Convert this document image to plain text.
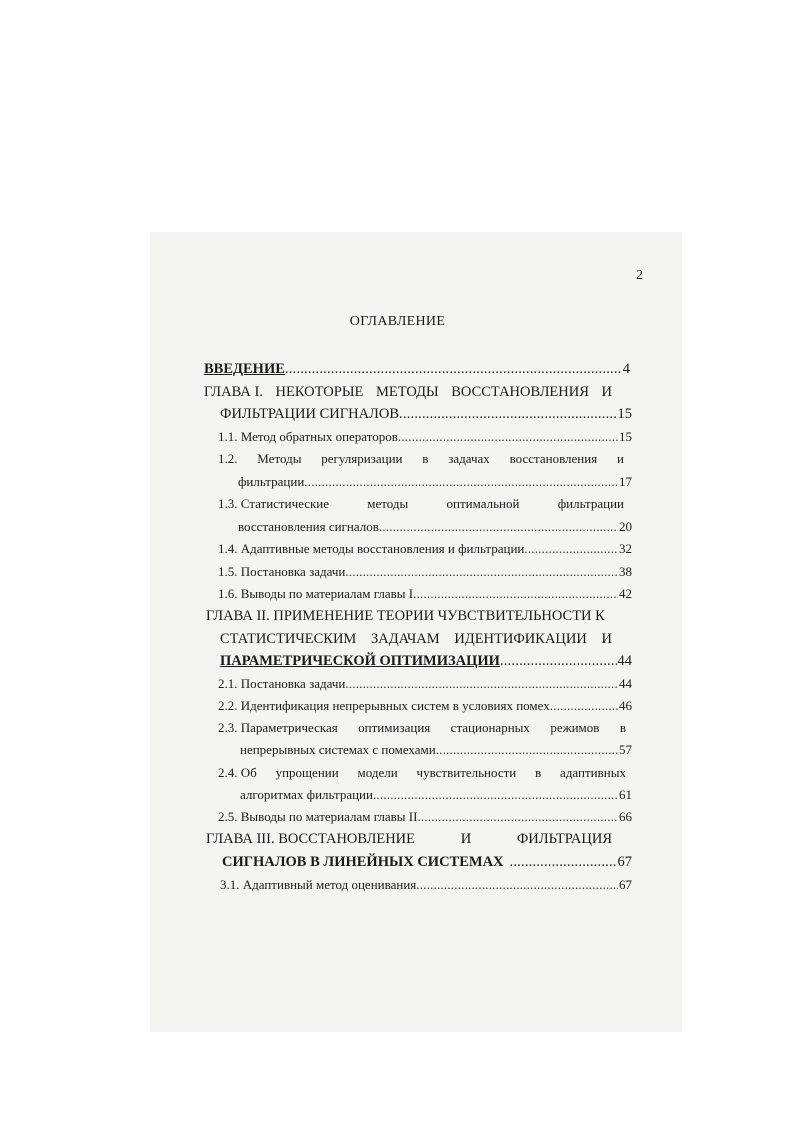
2
ОГЛАВЛЕНИЕ
ВВЕДЕНИЕ .....	4
ГЛАВА I. НЕКОТОРЫЕ МЕТОДЫ ВОССТАНОВЛЕНИЯ И
ФИЛЬТРАЦИИ СИГНАЛОВ .....	15
1.1. Метод обратных операторов .....	15
1.2. Методы регуляризации в задачах восстановления и
фильтрации .....	17
1.3. Статистические	методы	оптимальной	фильтрации
восстановления сигналов .....	20
1.4. Адаптивные методы восстановления и фильтрации .....	32
1.5. Постановка задачи .....	38
1.6. Выводы по материалам главы I .....	42
ГЛАВА II. ПРИМЕНЕНИЕ ТЕОРИИ ЧУВСТВИТЕЛЬНОСТИ К
СТАТИСТИЧЕСКИМ ЗАДАЧАМ ИДЕНТИФИКАЦИИ И
ПАРАМЕТРИЧЕСКОЙ ОПТИМИЗАЦИИ .....	44
2.1. Постановка задачи .....	44
2.2. Идентификация непрерывных систем в условиях помех .....	46
2.3. Параметрическая оптимизация стационарных режимов в
непрерывных системах с помехами .....	57
2.4. Об упрощении модели чувствительности в адаптивных
алгоритмах фильтрации .....	61
2.5. Выводы по материалам главы II .....	66
ГЛАВА III. ВОССТАНОВЛЕНИЕ	И	ФИЛЬТРАЦИЯ
СИГНАЛОВ В ЛИНЕЙНЫХ СИСТЕМАХ .....	67
3.1. Адаптивный метод оценивания .....	67
